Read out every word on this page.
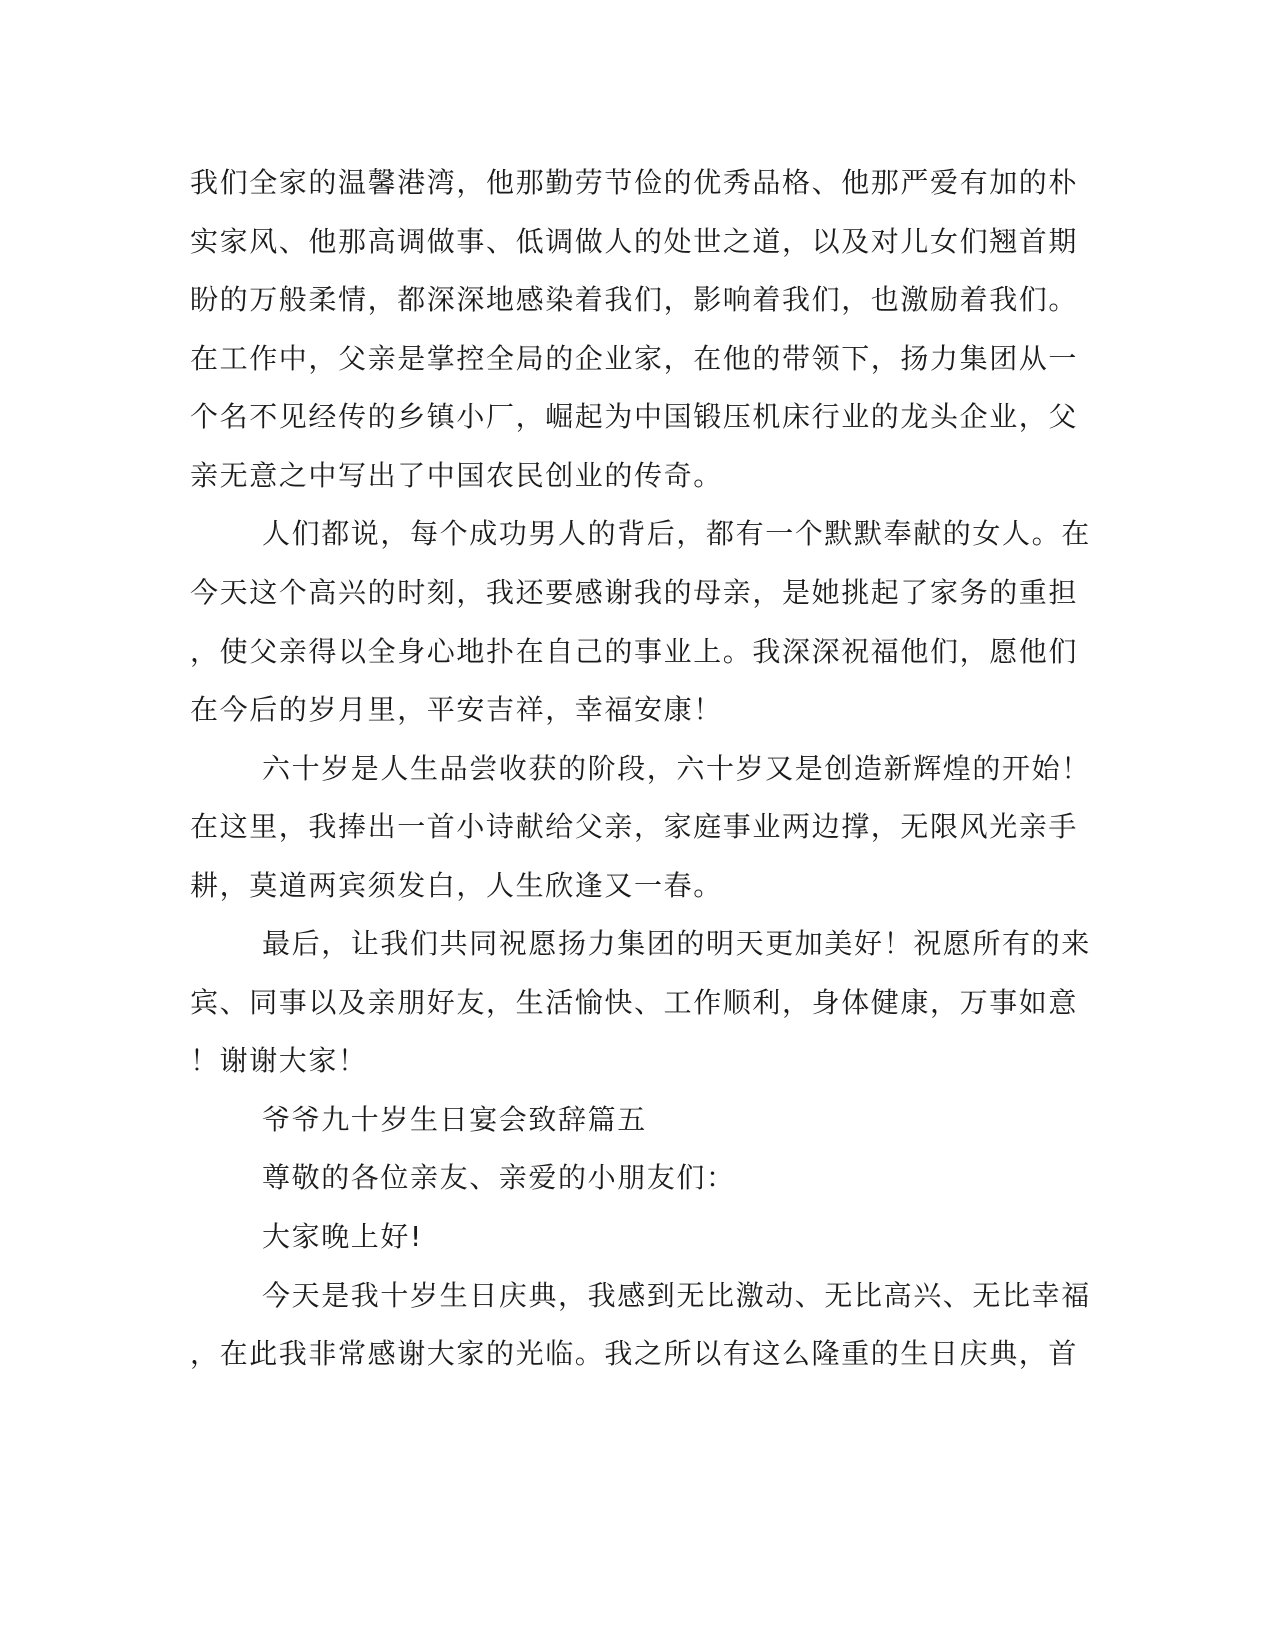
我们全家的温馨港湾，他那勤劳节俭的优秀品格、他那严爱有加的朴
实家风、他那高调做事、低调做人的处世之道，以及对儿女们翘首期
盼的万般柔情，都深深地感染着我们，影响着我们，也激励着我们。
在工作中，父亲是掌控全局的企业家，在他的带领下，扬力集团从一
个名不见经传的乡镇小厂，崛起为中国锻压机床行业的龙头企业，父
亲无意之中写出了中国农民创业的传奇。
人们都说，每个成功男人的背后，都有一个默默奉献的女人。在
今天这个高兴的时刻，我还要感谢我的母亲，是她挑起了家务的重担
，使父亲得以全身心地扑在自己的事业上。我深深祝福他们，愿他们
在今后的岁月里，平安吉祥，幸福安康！
六十岁是人生品尝收获的阶段，六十岁又是创造新辉煌的开始！
在这里，我捧出一首小诗献给父亲，家庭事业两边撑，无限风光亲手
耕，莫道两宾须发白，人生欣逢又一春。
最后，让我们共同祝愿扬力集团的明天更加美好！祝愿所有的来
宾、同事以及亲朋好友，生活愉快、工作顺利，身体健康，万事如意
！谢谢大家！
爷爷九十岁生日宴会致辞篇五
尊敬的各位亲友、亲爱的小朋友们：
大家晚上好!
今天是我十岁生日庆典，我感到无比激动、无比高兴、无比幸福
，在此我非常感谢大家的光临。我之所以有这么隆重的生日庆典，首
